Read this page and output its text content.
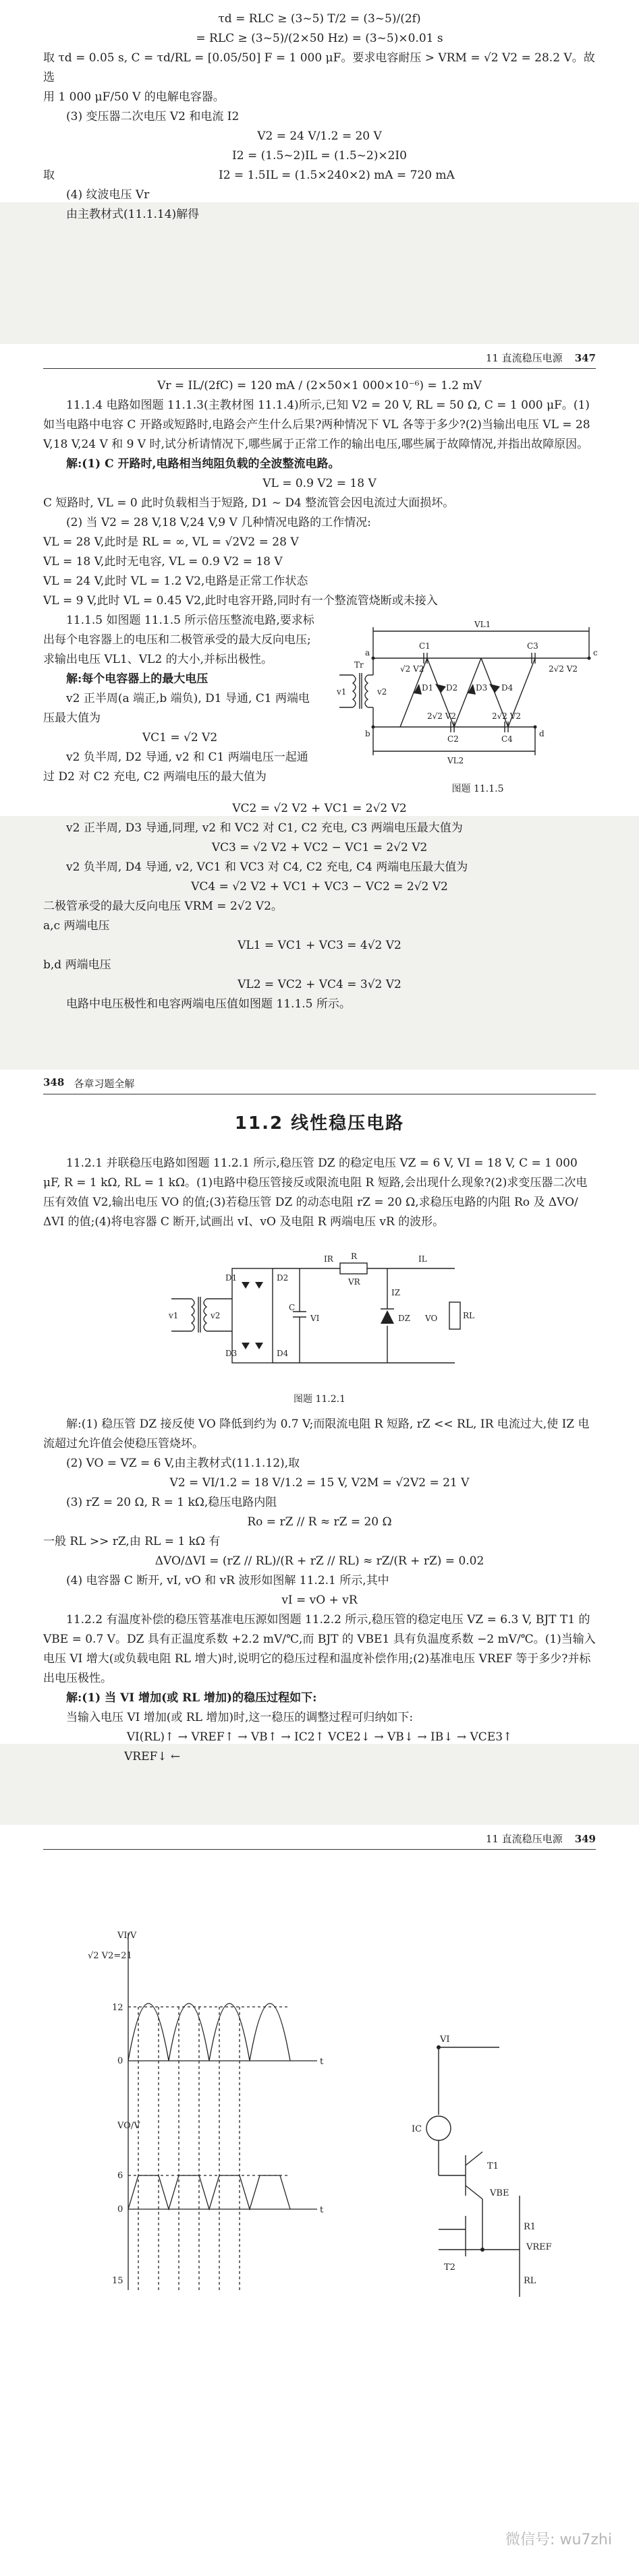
τd = RLC ≥ (3~5) T/2 = (3~5)/(2f)

= RLC ≥ (3~5)/(2×50 Hz) = (3~5)×0.01 s

取 τd = 0.05 s, C = τd/RL = [0.05/50] F = 1 000 μF。要求电容耐压 > VRM = √2 V2 = 28.2 V。故选

用 1 000 μF/50 V 的电解电容器。

(3) 变压器二次电压 V2 和电流 I2

V2 = 24 V/1.2 = 20 V

I2 = (1.5~2)IL = (1.5~2)×2I0

取	I2 = 1.5IL = (1.5×240×2) mA = 720 mA

(4) 纹波电压 Vr

由主教材式(11.1.14)解得

11 直流稳压电源 347

Vr = IL/(2fC) = 120 mA / (2×50×1 000×10⁻⁶) = 1.2 mV

11.1.4 电路如图题 11.1.3(主教材图 11.1.4)所示,已知 V2 = 20 V, RL = 50 Ω, C = 1 000 μF。(1)如当电路中电容 C 开路或短路时,电路会产生什么后果?两种情况下 VL 各等于多少?(2)当输出电压 VL = 28 V,18 V,24 V 和 9 V 时,试分析请情况下,哪些属于正常工作的输出电压,哪些属于故障情况,并指出故障原因。

解:(1) C 开路时,电路相当纯阻负载的全波整流电路。

VL = 0.9 V2 = 18 V

C 短路时, VL = 0 此时负载相当于短路, D1 ~ D4 整流管会因电流过大面损坏。

(2) 当 V2 = 28 V,18 V,24 V,9 V 几种情况电路的工作情况:

VL = 28 V,此时是 RL = ∞, VL = √2V2 = 28 V

VL = 18 V,此时无电容, VL = 0.9 V2 = 18 V

VL = 24 V,此时 VL = 1.2 V2,电路是正常工作状态

VL = 9 V,此时 VL = 0.45 V2,此时电容开路,同时有一个整流管烧断或未接入

11.1.5 如图题 11.1.5 所示倍压整流电路,要求标出每个电容器上的电压和二极管承受的最大反向电压;求输出电压 VL1、VL2 的大小,并标出极性。

解:每个电容器上的最大电压

v2 正半周(a 端正,b 端负), D1 导通, C1 两端电压最大值为

VC1 = √2 V2

v2 负半周, D2 导通, v2 和 C1 两端电压一起通过 D2 对 C2 充电, C2 两端电压的最大值为

VL1
VL2
Tr
v1	v2
a
b
c
d
C1	C3
C2	C4
D1 D2 D3 D4
√2 V2	2√2 V2
2√2 V2	2√2 V2
图题 11.1.5

VC2 = √2 V2 + VC1 = 2√2 V2

v2 正半周, D3 导通,同理, v2 和 VC2 对 C1, C2 充电, C3 两端电压最大值为

VC3 = √2 V2 + VC2 − VC1 = 2√2 V2

v2 负半周, D4 导通, v2, VC1 和 VC3 对 C4, C2 充电, C4 两端电压最大值为

VC4 = √2 V2 + VC1 + VC3 − VC2 = 2√2 V2

二极管承受的最大反向电压 VRM = 2√2 V2。

a,c 两端电压

VL1 = VC1 + VC3 = 4√2 V2

b,d 两端电压

VL2 = VC2 + VC4 = 3√2 V2

电路中电压极性和电容两端电压值如图题 11.1.5 所示。

348 各章习题全解
11.2 线性稳压电路

11.2.1 并联稳压电路如图题 11.2.1 所示,稳压管 DZ 的稳定电压 VZ = 6 V, VI = 18 V, C = 1 000 μF, R = 1 kΩ, RL = 1 kΩ。(1)电路中稳压管接反或限流电阻 R 短路,会出现什么现象?(2)求变压器二次电压有效值 V2,输出电压 VO 的值;(3)若稳压管 DZ 的动态电阻 rZ = 20 Ω,求稳压电路的内阻 Ro 及 ΔVO/ΔVI 的值;(4)将电容器 C 断开,试画出 vI、vO 及电阻 R 两端电压 vR 的波形。

v1	v2
D1	D2
D3	D4
C
VI
R
VR
IR	IL
IZ
DZ VO	RL
图题 11.2.1

解:(1) 稳压管 DZ 接反使 VO 降低到约为 0.7 V;而限流电阻 R 短路, rZ << RL, IR 电流过大,使 IZ 电流超过允许值会使稳压管烧坏。

(2) VO = VZ = 6 V,由主教材式(11.1.12),取

V2 = VI/1.2 = 18 V/1.2 = 15 V, V2M = √2V2 = 21 V

(3) rZ = 20 Ω, R = 1 kΩ,稳压电路内阻

Ro = rZ // R ≈ rZ = 20 Ω

一般 RL >> rZ,由 RL = 1 kΩ 有

ΔVO/ΔVI = (rZ // RL)/(R + rZ // RL) ≈ rZ/(R + rZ) = 0.02

(4) 电容器 C 断开, vI, vO 和 vR 波形如图解 11.2.1 所示,其中

vI = vO + vR

11.2.2 有温度补偿的稳压管基准电压源如图题 11.2.2 所示,稳压管的稳定电压 VZ = 6.3 V, BJT T1 的 VBE = 0.7 V。DZ 具有正温度系数 +2.2 mV/℃,而 BJT 的 VBE1 具有负温度系数 −2 mV/℃。(1)当输入电压 VI 增大(或负载电阻 RL 增大)时,说明它的稳压过程和温度补偿作用;(2)基准电压 VREF 等于多少?并标出电压极性。

解:(1) 当 VI 增加(或 RL 增加)的稳压过程如下:

当输入电压 VI 增加(或 RL 增加)时,这一稳压的调整过程可归纳如下:

VI(RL)↑ → VREF↑ → VB↑ → IC2↑ VCE2↓ → VB↓ → IB↓ → VCE3↑

VREF↓ ←

11 直流稳压电源 349
VI/V
√2 V2=21
12
0	t
VO/V
6
0	t
15
VI
IC
T1
T2
VBE
RL
VREF
R1
微信号: wu7zhi
